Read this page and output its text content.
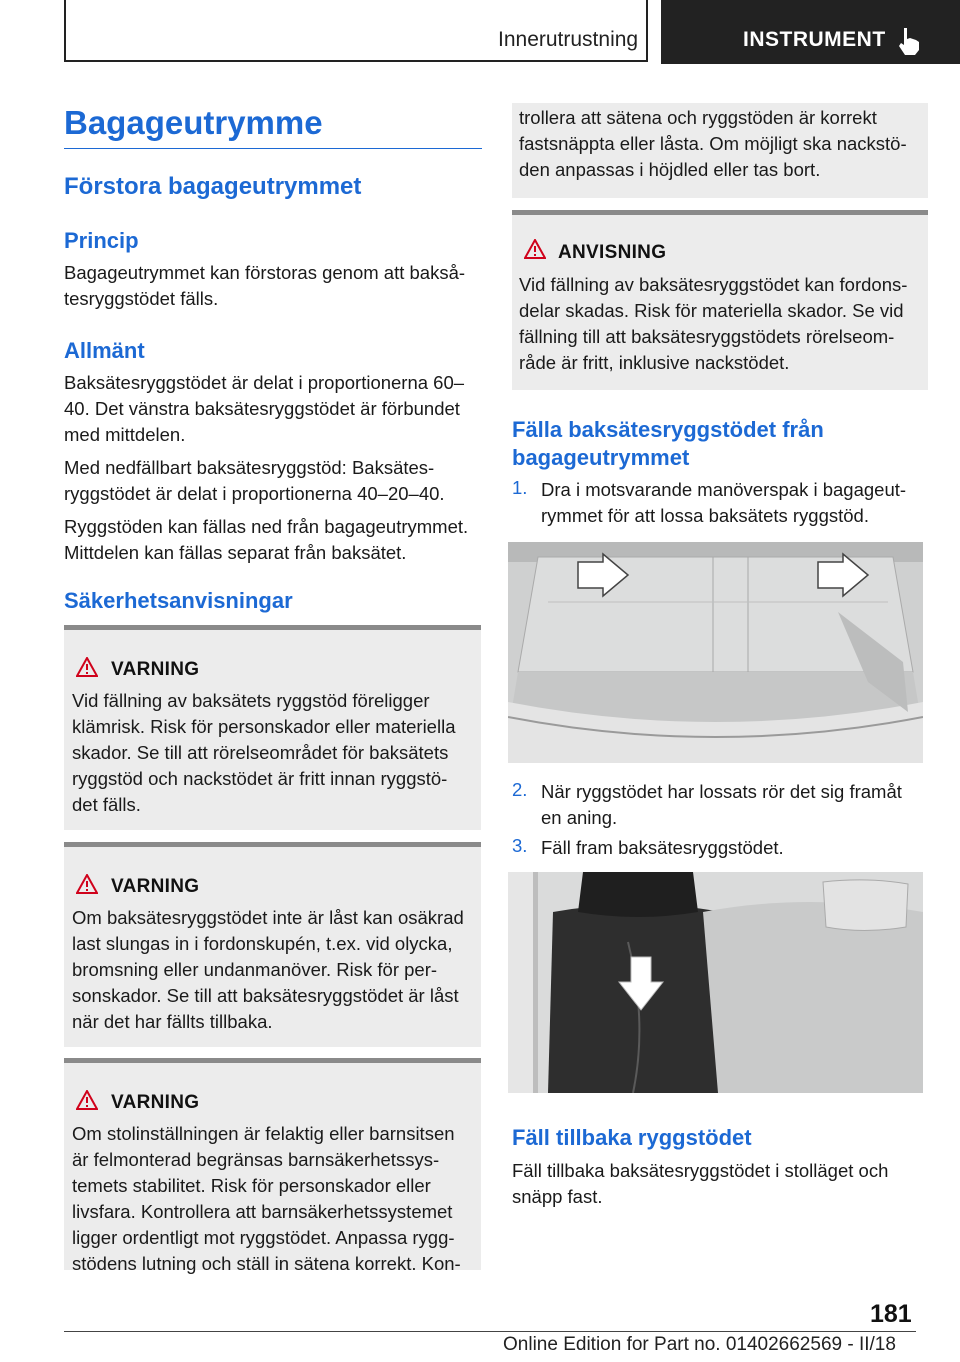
Innerutrustning	INSTRUMENT
Bagageutrymme
Förstora bagageutrymmet
Princip
Bagageutrymmet kan förstoras genom att bakså-
tesryggstödet fälls.
Allmänt
Baksätesryggstödet är delat i proportionerna 60–
40. Det vänstra baksätesryggstödet är förbundet
med mittdelen.
Med nedfällbart baksätesryggstöd: Baksätes-
ryggstödet är delat i proportionerna 40–20–40.
Ryggstöden kan fällas ned från bagageutrymmet.
Mittdelen kan fällas separat från baksätet.
Säkerhetsanvisningar
VARNING
Vid fällning av baksätets ryggstöd föreligger
klämrisk. Risk för personskador eller materiella
skador. Se till att rörelseområdet för baksätets
ryggstöd och nackstödet är fritt innan ryggstö-
det fälls.
VARNING
Om baksätesryggstödet inte är låst kan osäkrad
last slungas in i fordonskupén, t.ex. vid olycka,
bromsning eller undanmanöver. Risk för per-
sonskador. Se till att baksätesryggstödet är låst
när det har fällts tillbaka.
VARNING
Om stolinställningen är felaktig eller barnsitsen
är felmonterad begränsas barnsäkerhetssys-
temets stabilitet. Risk för personskador eller
livsfara. Kontrollera att barnsäkerhetssystemet
ligger ordentligt mot ryggstödet. Anpassa rygg-
stödens lutning och ställ in sätena korrekt. Kon-
trollera att sätena och ryggstöden är korrekt
fastsnäppta eller låsta. Om möjligt ska nackstö-
den anpassas i höjdled eller tas bort.
ANVISNING
Vid fällning av baksätesryggstödet kan fordons-
delar skadas. Risk för materiella skador. Se vid
fällning till att baksätesryggstödets rörelseom-
råde är fritt, inklusive nackstödet.
Fälla baksätesryggstödet från
bagageutrymmet
1. Dra i motsvarande manöverspak i bagageut-
rymmet för att lossa baksätets ryggstöd.
2. När ryggstödet har lossats rör det sig framåt
en aning.
3. Fäll fram baksätesryggstödet.
Fäll tillbaka ryggstödet
Fäll tillbaka baksätesryggstödet i stolläget och
snäpp fast.
181
Online Edition for Part no. 01402662569 - II/18
